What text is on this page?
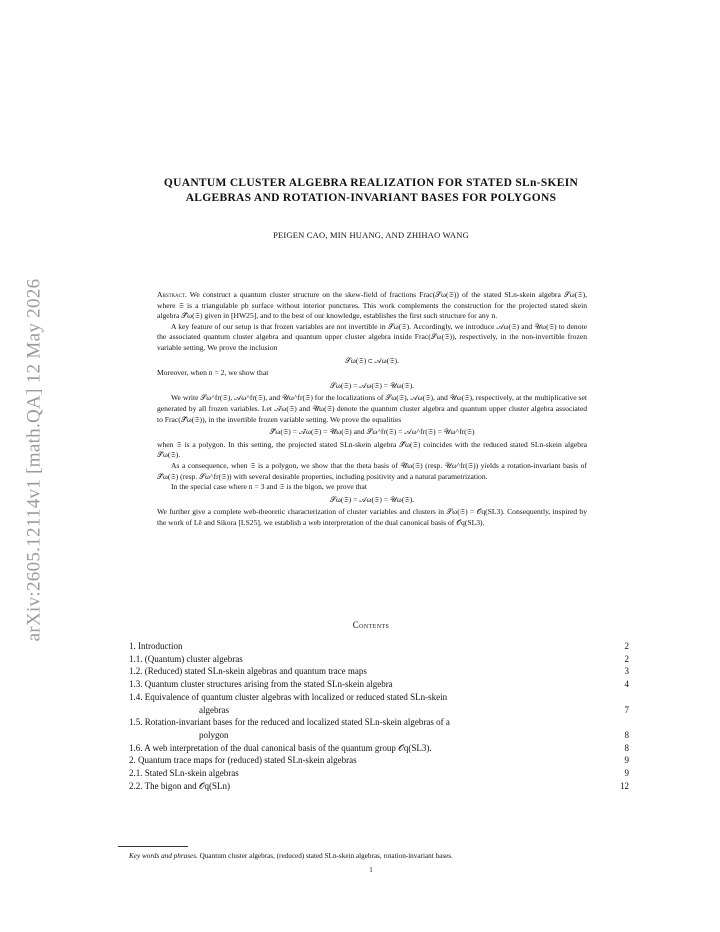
arXiv:2605.12114v1 [math.QA] 12 May 2026
QUANTUM CLUSTER ALGEBRA REALIZATION FOR STATED SLn-SKEIN
ALGEBRAS AND ROTATION-INVARIANT BASES FOR POLYGONS
PEIGEN CAO, MIN HUANG, AND ZHIHAO WANG

Abstract. We construct a quantum cluster structure on the skew-field of fractions Frac(𝒮ω(𝔖)) of the stated SLn-skein algebra 𝒮ω(𝔖), where 𝔖 is a triangulable pb surface without interior punctures. This work complements the construction for the projected stated skein algebra 𝒮̃ω(𝔖) given in [HW25], and to the best of our knowledge, establishes the first such structure for any n.

A key feature of our setup is that frozen variables are not invertible in 𝒮ω(𝔖). Accordingly, we introduce 𝒜ω(𝔖) and 𝒰ω(𝔖) to denote the associated quantum cluster algebra and quantum upper cluster algebra inside Frac(𝒮ω(𝔖)), respectively, in the non-invertible frozen variable setting. We prove the inclusion

𝒮ω(𝔖) ⊂ 𝒜ω(𝔖).

Moreover, when n = 2, we show that

𝒮ω(𝔖) = 𝒜ω(𝔖) = 𝒰ω(𝔖).

We write 𝒮ω^fr(𝔖), 𝒜ω^fr(𝔖), and 𝒰ω^fr(𝔖) for the localizations of 𝒮ω(𝔖), 𝒜ω(𝔖), and 𝒰ω(𝔖), respectively, at the multiplicative set generated by all frozen variables. Let 𝒜̄ω(𝔖) and 𝒰̄ω(𝔖) denote the quantum cluster algebra and quantum upper cluster algebra associated to Frac(𝒮̃ω(𝔖)), in the invertible frozen variable setting. We prove the equalities

𝒮̃ω(𝔖) = 𝒜̄ω(𝔖) = 𝒰̄ω(𝔖) and 𝒮ω^fr(𝔖) = 𝒜ω^fr(𝔖) = 𝒰ω^fr(𝔖)

when 𝔖 is a polygon. In this setting, the projected stated SLn-skein algebra 𝒮̃ω(𝔖) coincides with the reduced stated SLn-skein algebra 𝒮̄ω(𝔖).

As a consequence, when 𝔖 is a polygon, we show that the theta basis of 𝒰̄ω(𝔖) (resp. 𝒰ω^fr(𝔖)) yields a rotation-invariant basis of 𝒮̄ω(𝔖) (resp. 𝒮ω^fr(𝔖)) with several desirable properties, including positivity and a natural parametrization.

In the special case where n = 3 and 𝔖 is the bigon, we prove that

𝒮ω(𝔖) = 𝒜ω(𝔖) = 𝒰ω(𝔖).

We further give a complete web-theoretic characterization of cluster variables and clusters in 𝒮ω(𝔖) = 𝒪q(SL3). Consequently, inspired by the work of Lê and Sikora [LS25], we establish a web interpretation of the dual canonical basis of 𝒪q(SL3).

Contents
1. Introduction	2
1.1. (Quantum) cluster algebras	2
1.2. (Reduced) stated SLn-skein algebras and quantum trace maps	3
1.3. Quantum cluster structures arising from the stated SLn-skein algebra	4
1.4. Equivalence of quantum cluster algebras with localized or reduced stated SLn-skein
algebras	7
1.5. Rotation-invariant bases for the reduced and localized stated SLn-skein algebras of a
polygon	8
1.6. A web interpretation of the dual canonical basis of the quantum group 𝒪q(SL3).	8
2. Quantum trace maps for (reduced) stated SLn-skein algebras	9
2.1. Stated SLn-skein algebras	9
2.2. The bigon and 𝒪q(SLn)	12
Key words and phrases. Quantum cluster algebras, (reduced) stated SLn-skein algebras, rotation-invariant bases.
1
